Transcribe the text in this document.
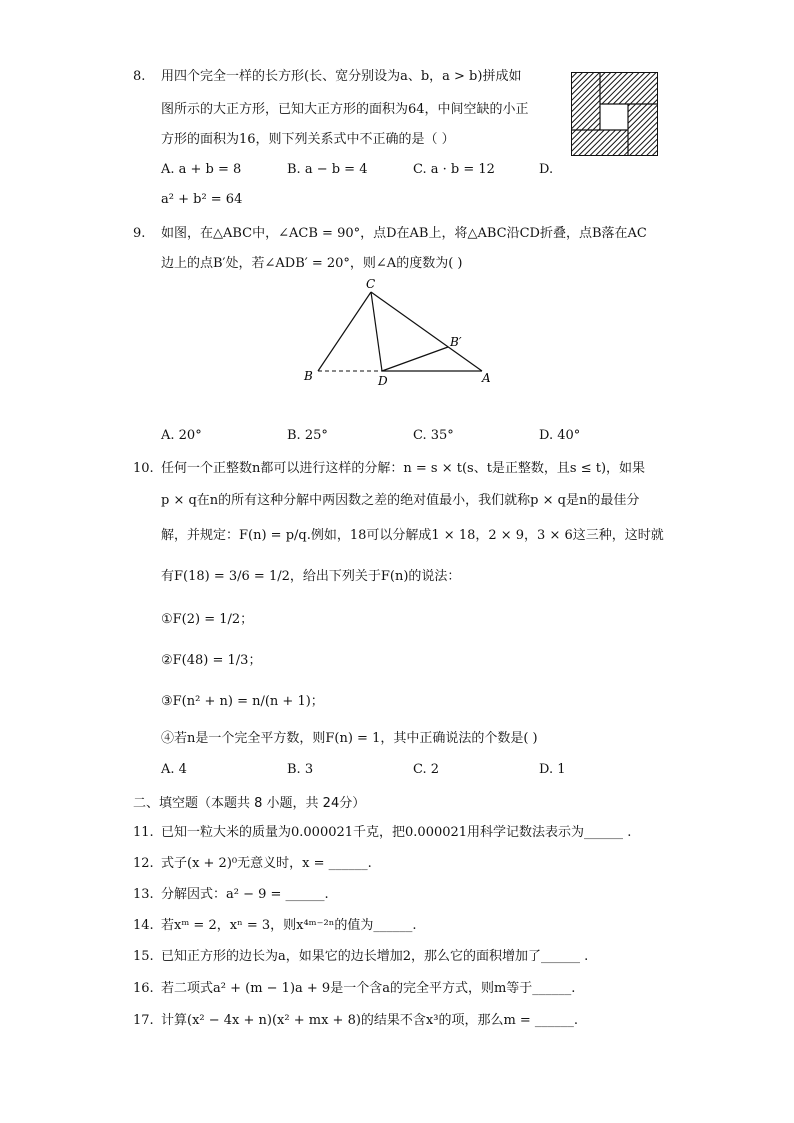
8. 用四个完全一样的长方形(长、宽分别设为a、b，a > b)拼成如
图所示的大正方形，已知大正方形的面积为64，中间空缺的小正
方形的面积为16，则下列关系式中不正确的是（ ）
A. a + b = 8	B. a − b = 4	C. a · b = 12	D.
a² + b² = 64
9. 如图，在△ABC中，∠ACB = 90°，点D在AB上，将△ABC沿CD折叠，点B落在AC
边上的点B′处，若∠ADB′ = 20°，则∠A的度数为( )
C
B	D	A
B′
A. 20°	B. 25°	C. 35°	D. 40°
10. 任何一个正整数n都可以进行这样的分解：n = s × t(s、t是正整数，且s ≤ t)，如果
p × q在n的所有这种分解中两因数之差的绝对值最小，我们就称p × q是n的最佳分
解，并规定：F(n) = p/q.例如，18可以分解成1 × 18，2 × 9，3 × 6这三种，这时就
有F(18) = 3/6 = 1/2，给出下列关于F(n)的说法：
①F(2) = 1/2；
②F(48) = 1/3；
③F(n² + n) = n/(n + 1)；
④若n是一个完全平方数，则F(n) = 1，其中正确说法的个数是( )
A. 4	B. 3	C. 2	D. 1
二、填空题（本题共 8 小题，共 24分）
11. 已知一粒大米的质量为0.000021千克，把0.000021用科学记数法表示为______ .
12. 式子(x + 2)⁰无意义时，x = ______.
13. 分解因式：a² − 9 = ______.
14. 若xᵐ = 2，xⁿ = 3，则x⁴ᵐ⁻²ⁿ的值为______.
15. 已知正方形的边长为a，如果它的边长增加2，那么它的面积增加了______ .
16. 若二项式a² + (m − 1)a + 9是一个含a的完全平方式，则m等于______.
17. 计算(x² − 4x + n)(x² + mx + 8)的结果不含x³的项，那么m = ______.
